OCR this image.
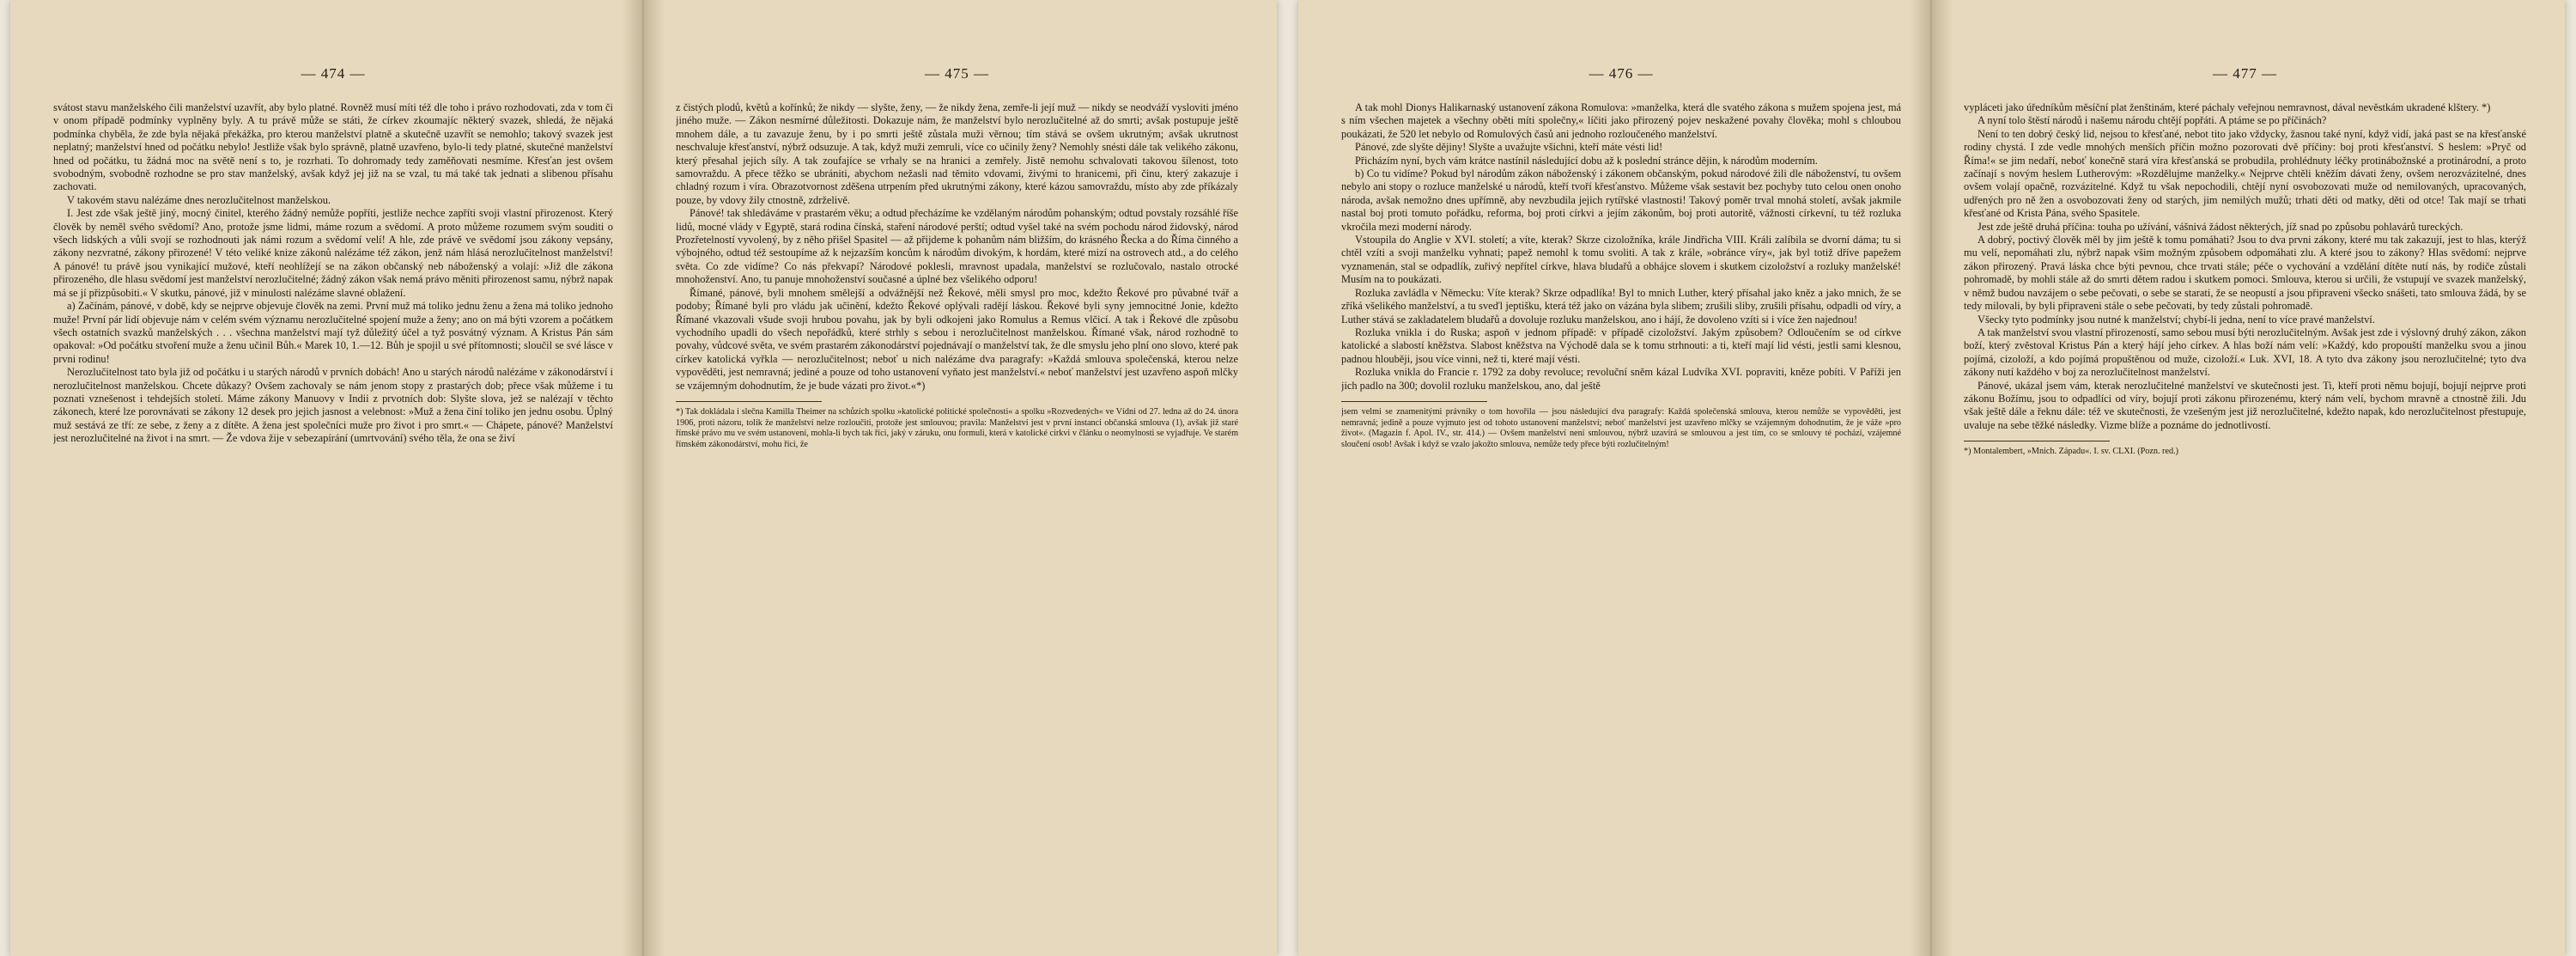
— 474 —

svátost stavu manželského čili manželství uzavřít, aby bylo platné. Rovněž musí míti též dle toho i právo rozhodovati, zda v tom či v onom případě podmínky vyplněny byly. A tu právě může se státi, že církev zkoumajíc některý svazek, shledá, že nějaká podmínka chyběla, že zde byla nějaká překážka, pro kterou manželství platně a skutečně uzavřít se nemohlo; takový svazek jest neplatný; manželství hned od počátku nebylo! Jestliže však bylo správně, platně uzavřeno, bylo-li tedy platné, skutečné manželství hned od počátku, tu žádná moc na světě není s to, je rozrhati. To dohromady tedy zaměňovati nesmíme. Křesťan jest ovšem svobodným, svobodně rozhodne se pro stav manželský, avšak když jej již na se vzal, tu má také tak jednati a slibenou přísahu zachovati.

V takovém stavu nalézáme dnes nerozlučitelnost manželskou.

I. Jest zde však ještě jiný, mocný činitel, kterého žádný nemůže popříti, jestliže nechce zapříti svoji vlastní přirozenost. Který člověk by neměl svého svědomí? Ano, protože jsme lidmi, máme rozum a svědomí. A proto můžeme rozumem svým souditi o všech lidských a vůli svojí se rozhodnouti jak námi rozum a svědomí velí! A hle, zde právě ve svědomí jsou zákony vepsány, zákony nezvratné, zákony přirozené! V této veliké knize zákonů nalézáme též zákon, jenž nám hlásá nerozlučitelnost manželství! A pánové! tu právě jsou vynikající mužové, kteří neohlížejí se na zákon občanský neb náboženský a volají: »Již dle zákona přirozeného, dle hlasu svědomí jest manželství nerozlučitelné; žádný zákon však nemá právo měniti přirozenost samu, nýbrž napak má se jí přizpůsobiti.« V skutku, pánové, již v minulosti nalézáme slavné oblažení.

a) Začínám, pánové, v době, kdy se nejprve objevuje člověk na zemi. První muž má toliko jednu ženu a žena má toliko jednoho muže! První pár lidí objevuje nám v celém svém významu nerozlučitelné spojení muže a ženy; ano on má býti vzorem a počátkem všech ostatních svazků manželských . . . všechna manželství mají tyž důležitý účel a tyž posvátný význam. A Kristus Pán sám opakoval: »Od počátku stvoření muže a ženu učinil Bůh.« Marek 10, 1.—12. Bůh je spojil u své přítomnosti; sloučil se své lásce v prvni rodinu!

Nerozlučitelnost tato byla již od počátku i u starých národů v prvních dobách! Ano u starých národů nalézáme v zákonodárství i nerozlučitelnost manželskou. Chcete důkazy? Ovšem zachovaly se nám jenom stopy z prastarých dob; přece však můžeme i tu poznati vznešenost i tehdejších století. Máme zákony Manuovy v Indii z prvotních dob: Slyšte slova, jež se nalézají v těchto zákonech, které lze porovnávati se zákony 12 desek pro jejich jasnost a velebnost: »Muž a žena činí toliko jen jednu osobu. Úplný muž sestává ze tří: ze sebe, z ženy a z dítěte. A žena jest společníci muže pro život i pro smrt.« — Chápete, pánové? Manželství jest nerozlučitelné na život i na smrt. — Že vdova žije v sebezapírání (umrtvování) svého těla, že ona se živí

— 475 —

z čistých plodů, květů a kořínků; že nikdy — slyšte, ženy, — že nikdy žena, zemře-li její muž — nikdy se neodváží vysloviti jméno jiného muže. — Zákon nesmírné důležitosti. Dokazuje nám, že manželství bylo nerozlučitelné až do smrti; avšak postupuje ještě mnohem dále, a tu zavazuje ženu, by i po smrti ještě zůstala muži věrnou; tím stává se ovšem ukrutným; avšak ukrutnost neschvaluje křesťanství, nýbrž odsuzuje. A tak, když muži zemruli, více co učinily ženy? Nemohly snésti dále tak velikého zákonu, který přesahal jejich síly. A tak zoufajíce se vrhaly se na hranici a zemřely. Jistě nemohu schvalovati takovou šílenost, toto samovraždu. A přece těžko se ubrániti, abychom nežasli nad těmito vdovami, živými to hranicemi, při činu, který zakazuje i chladný rozum i víra. Obrazotvornost zděšena utrpením před ukrutnými zákony, které kázou samovraždu, místo aby zde příkázaly pouze, by vdovy žily ctnostně, zdrželivě.

Pánové! tak shledáváme v prastarém věku; a odtud přecházíme ke vzdělaným národům pohanským; odtud povstaly rozsáhlé říše lidů, mocné vlády v Egyptě, stará rodina čínská, staření národové perští; odtud vyšel také na svém pochodu národ židovský, národ Prozřetelností vyvolený, by z něho přišel Spasitel — až přijdeme k pohanům nám bližším, do krásného Řecka a do Říma činného a výbojného, odtud též sestoupíme až k nejzazším koncům k národům divokým, k hordám, které mizí na ostrovech atd., a do celého světa. Co zde vidíme? Co nás překvapí? Národové poklesli, mravnost upadala, manželství se rozlučovalo, nastalo otrocké mnohoženství. Ano, tu panuje mnohoženství současné a úplné bez všelikého odporu!

Římané, pánové, byli mnohem smělejší a odvážnější než Řekové, měli smysl pro moc, kdežto Řekové pro půvabné tvář a podoby; Římané byli pro vládu jak učinění, kdežto Řekové oplývali radějí láskou. Řekové byli syny jemnocitné Jonie, kdežto Římané vkazovali všude svoji hrubou povahu, jak by byli odkojeni jako Romulus a Remus vlčicí. A tak i Řekové dle způsobu vychodního upadli do všech nepořádků, které strhly s sebou i nerozlučitelnost manželskou. Římané však, národ rozhodně to povahy, vůdcové světa, ve svém prastarém zákonodárství pojednávají o manželství tak, že dle smyslu jeho plní ono slovo, které pak církev katolická vyřkla — nerozlučitelnost; neboť u nich nalézáme dva paragrafy: »Každá smlouva společenská, kterou nelze vypověděti, jest nemravná; jediné a pouze od toho ustanovení vyňato jest manželství.« neboť manželství jest uzavřeno aspoň mlčky se vzájemným dohodnutím, že je bude vázati pro život.«*)

*) Tak dokládala i slečna Kamilla Theimer na schůzích spolku »katolické politické společnosti« a spolku »Rozvedených« ve Vídni od 27. ledna až do 24. února 1906, proti názoru, tolik že manželství nelze rozloučiti, protože jest smlouvou; pravila: Manželství jest v první instanci občanská smlouva (1), avšak již staré římské právo mu ve svém ustanovení, mohla-li bych tak říci, jaký v záruku, onu formuli, která v katolické církvi v článku o neomylnosti se vyjadřuje. Ve starém římském zákonodárství, mohu říci, že
— 476 —

A tak mohl Dionys Halikarnaský ustanovení zákona Romulova: »manželka, která dle svatého zákona s mužem spojena jest, má s ním všechen majetek a všechny oběti míti společny,« líčiti jako přirozený pojev neskažené povahy člověka; mohl s chloubou poukázati, že 520 let nebylo od Romulových časů ani jednoho rozloučeného manželství.

Pánové, zde slyšte dějiny! Slyšte a uvažujte všichni, kteří máte vésti lid!

Přicházím nyní, bych vám krátce nastínil následující dobu až k poslední stránce dějin, k národům moderním.

b) Co tu vidíme? Pokud byl národům zákon náboženský i zákonem občanským, pokud národové žili dle náboženství, tu ovšem nebylo ani stopy o rozluce manželské u národů, kteří tvoří křesťanstvo. Můžeme však sestavit bez pochyby tuto celou onen onoho národa, avšak nemožno dnes upřímně, aby nevzbudila jejich rytířské vlastnosti! Takový poměr trval mnohá století, avšak jakmile nastal boj proti tomuto pořádku, reforma, boj proti církvi a jejím zákonům, boj proti autoritě, vážnosti církevní, tu též rozluka vkročila mezi moderní národy.

Vstoupila do Anglie v XVI. století; a víte, kterak? Skrze cizoložníka, krále Jindřicha VIII. Králi zalíbila se dvorní dáma; tu si chtěl vzíti a svoji manželku vyhnati; papež nemohl k tomu svoliti. A tak z krále, »obránce víry«, jak byl totiž dříve papežem vyznamenán, stal se odpadlík, zuřivý nepřítel církve, hlava bludařů a obhájce slovem i skutkem cizoložství a rozluky manželské! Musím na to poukázati.

Rozluka zavládla v Německu: Víte kterak? Skrze odpadlíka! Byl to mnich Luther, který přísahal jako kněz a jako mnich, že se zříká všelikého manželství, a tu sveďl jeptišku, která též jako on vázána byla slibem; zrušili sliby, zrušili přísahu, odpadli od víry, a Luther stává se zakladatelem bludařů a dovoluje rozluku manželskou, ano i hájí, že dovoleno vzíti si i více žen najednou!

Rozluka vnikla i do Ruska; aspoň v jednom případě: v případě cizoložství. Jakým způsobem? Odloučením se od církve katolické a slabostí kněžstva. Slabost kněžstva na Východě dala se k tomu strhnouti: a ti, kteří mají lid vésti, jestli sami klesnou, padnou hlouběji, jsou více vinni, než ti, které mají vésti.

Rozluka vnikla do Francie r. 1792 za doby revoluce; revoluční sněm kázal Ludvíka XVI. popraviti, kněze pobíti. V Paříži jen jich padlo na 300; dovolil rozluku manželskou, ano, dal ještě

jsem velmi se znamenitými právníky o tom hovořila — jsou následující dva paragrafy: Každá společenská smlouva, kterou nemůže se vypověděti, jest nemravná; jedině a pouze vyjmuto jest od tohoto ustanovení manželství; neboť manželství jest uzavřeno mlčky se vzájemným dohodnutím, že je váže »pro život«. (Magazin f. Apol. IV., str. 414.) — Ovšem manželství není smlouvou, nýbrž uzavírá se smlouvou a jest tím, co se smlouvy té pochází, vzájemné sloučení osob! Avšak i když se vzalo jakožto smlouva, nemůže tedy přece býti rozlučitelným!
— 477 —

vypláceti jako úředníkům měsíční plat ženštinám, které páchaly veřejnou nemravnost, dával nevěstkám ukradené klštery. *)

A nyní tolo štěstí národů i našemu národu chtějí popřáti. A ptáme se po příčinách?

Není to ten dobrý český lid, nejsou to křesťané, nebot tito jako vždycky, žasnou také nyní, když vidí, jaká past se na křesťanské rodiny chystá. I zde vedle mnohých menších příčin možno pozorovati dvě příčiny: boj proti křesťanství. S heslem: »Pryč od Říma!« se jim nedaří, neboť konečně stará víra křesťanská se probudila, prohlédnuty léčky protinábožnské a protinárodní, a proto začínají s novým heslem Lutherovým: »Rozdělujme manželky.« Nejprve chtěli kněžím dávati ženy, ovšem nerozvázitelné, dnes ovšem volají opačně, rozvázitelné. Když tu však nepochodili, chtějí nyní osvobozovati muže od nemilovaných, upracovaných, udřených pro ně žen a osvobozovati ženy od starých, jim nemilých mužů; trhati děti od matky, děti od otce! Tak mají se trhati křesťané od Krista Pána, svého Spasitele.

Jest zde ještě druhá příčina: touha po užívání, vášnivá žádost některých, jíž snad po způsobu pohlavárů tureckých.

A dobrý, poctivý člověk měl by jim ještě k tomu pomáhati? Jsou to dva prvni zákony, které mu tak zakazují, jest to hlas, kterýž mu velí, nepomáhati zlu, nýbrž napak všim možným způsobem odpomáhati zlu. A které jsou to zákony? Hlas svědomí: nejprve zákon přirozený. Pravá láska chce býti pevnou, chce trvati stále; péče o vychování a vzdělání dítěte nutí nás, by rodiče zůstali pohromadě, by mohli stále až do smrti dětem radou i skutkem pomoci. Smlouva, kterou si určili, že vstupují ve svazek manželský, v němž budou navzájem o sebe pečovati, o sebe se starati, že se neopustí a jsou připraveni všecko snášeti, tato smlouva žádá, by se tedy milovali, by byli připraveni stále o sebe pečovati, by tedy zůstali pohromadě.

Všecky tyto podmínky jsou nutné k manželství; chybí-li jedna, není to více pravé manželství.

A tak manželství svou vlastní přirozeností, samo sebou musí býti nerozlučitelným. Avšak jest zde i výslovný druhý zákon, zákon boží, který zvěstoval Kristus Pán a který hájí jeho církev. A hlas boží nám velí: »Každý, kdo propouští manželku svou a jinou pojímá, cizoloží, a kdo pojímá propuštěnou od muže, cizoloží.« Luk. XVI, 18. A tyto dva zákony jsou nerozlučitelné; tyto dva zákony nutí každého v boj za nerozlučitelnost manželství.

Pánové, ukázal jsem vám, kterak nerozlučitelné manželství ve skutečnosti jest. Ti, kteří proti němu bojují, bojují nejprve proti zákonu Božímu, jsou to odpadlíci od víry, bojují proti zákonu přirozenému, který nám velí, bychom mravně a ctnostně žili. Jdu však ještě dále a řeknu dále: též ve skutečnosti, že vzešeným jest již nerozlučitelné, kdežto napak, kdo nerozlučitelnost přestupuje, uvaluje na sebe těžké následky. Vizme blíže a poznáme do jednotlivostí.

*) Montalembert, »Mnich. Západu«. I. sv. CLXI. (Pozn. red.)
